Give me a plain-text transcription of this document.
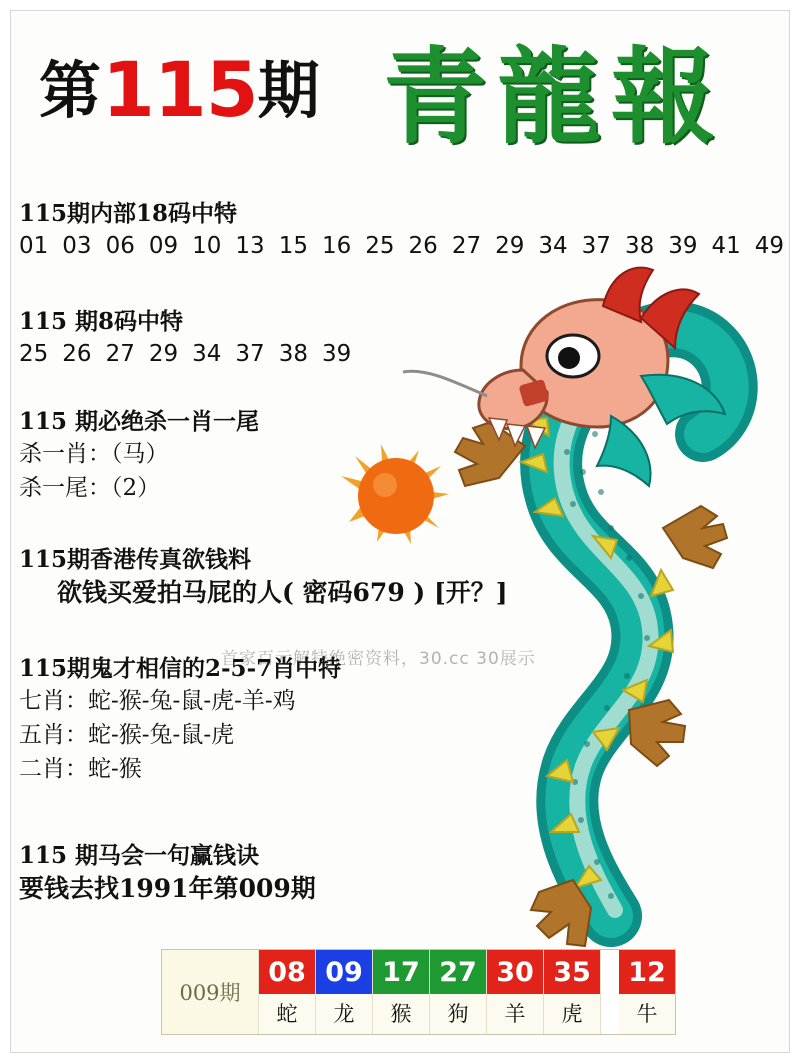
第115期 青龍報
首家百元解特绝密资料，30.cc 30展示
115期内部18码中特
01 03 06 09 10 13 15 16 25 26 27 29 34 37 38 39 41 49
115 期8码中特
25 26 27 29 34 37 38 39
115 期必绝杀一肖一尾
杀一肖：（马）
杀一尾：（2）
115期香港传真欲钱料
欲钱买爱拍马屁的人( 密码679 ) [开？]
115期鬼才相信的2-5-7肖中特
七肖：蛇-猴-兔-鼠-虎-羊-鸡
五肖：蛇-猴-兔-鼠-虎
二肖：蛇-猴
115 期马会一句赢钱诀
要钱去找1991年第009期
009期
08
蛇
09
龙
17
猴
27
狗
30
羊
35
虎
12
牛
